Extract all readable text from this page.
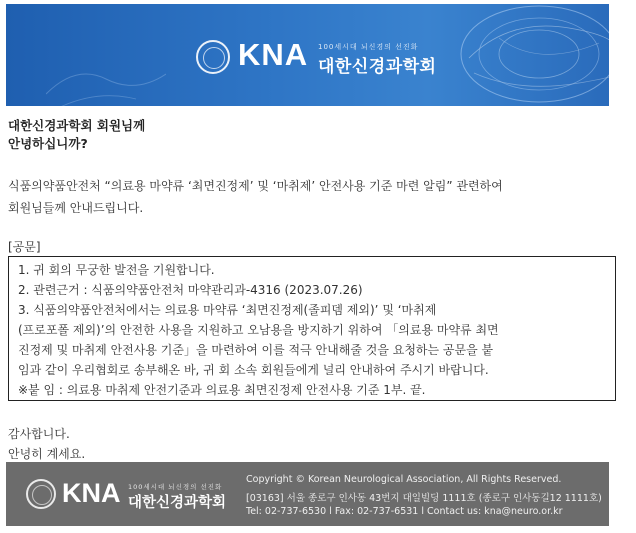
KNA 100세시대 뇌신경의 선진화
대한신경과학회
대한신경과학회 회원님께
안녕하십니까?
식품의약품안전처 “의료용 마약류 ‘최면진정제’ 및 ‘마취제’ 안전사용 기준 마련 알림” 관련하여
회원님들께 안내드립니다.
[공문]
1. 귀 회의 무궁한 발전을 기원합니다.
2. 관련근거 : 식품의약품안전처 마약관리과-4316 (2023.07.26)
3. 식품의약품안전처에서는 의료용 마약류 ‘최면진정제(졸피뎀 제외)’ 및 ‘마취제
(프로포폴 제외)’의 안전한 사용을 지원하고 오남용을 방지하기 위하여 「의료용 마약류 최면
진정제 및 마취제 안전사용 기준」을 마련하여 이를 적극 안내해줄 것을 요청하는 공문을 붙
임과 같이 우리협회로 송부해온 바, 귀 회 소속 회원들에게 널리 안내하여 주시기 바랍니다.
※붙 임 : 의료용 마취제 안전기준과 의료용 최면진정제 안전사용 기준 1부. 끝.
감사합니다.
안녕히 계세요.
KNA 100세시대 뇌신경의 선진화
대한신경과학회
Copyright © Korean Neurological Association, All Rights Reserved.
[03163] 서울 종로구 인사동 43번지 대일빌딩 1111호 (종로구 인사동길12 1111호)
Tel: 02-737-6530 l Fax: 02-737-6531 l Contact us: kna@neuro.or.kr
